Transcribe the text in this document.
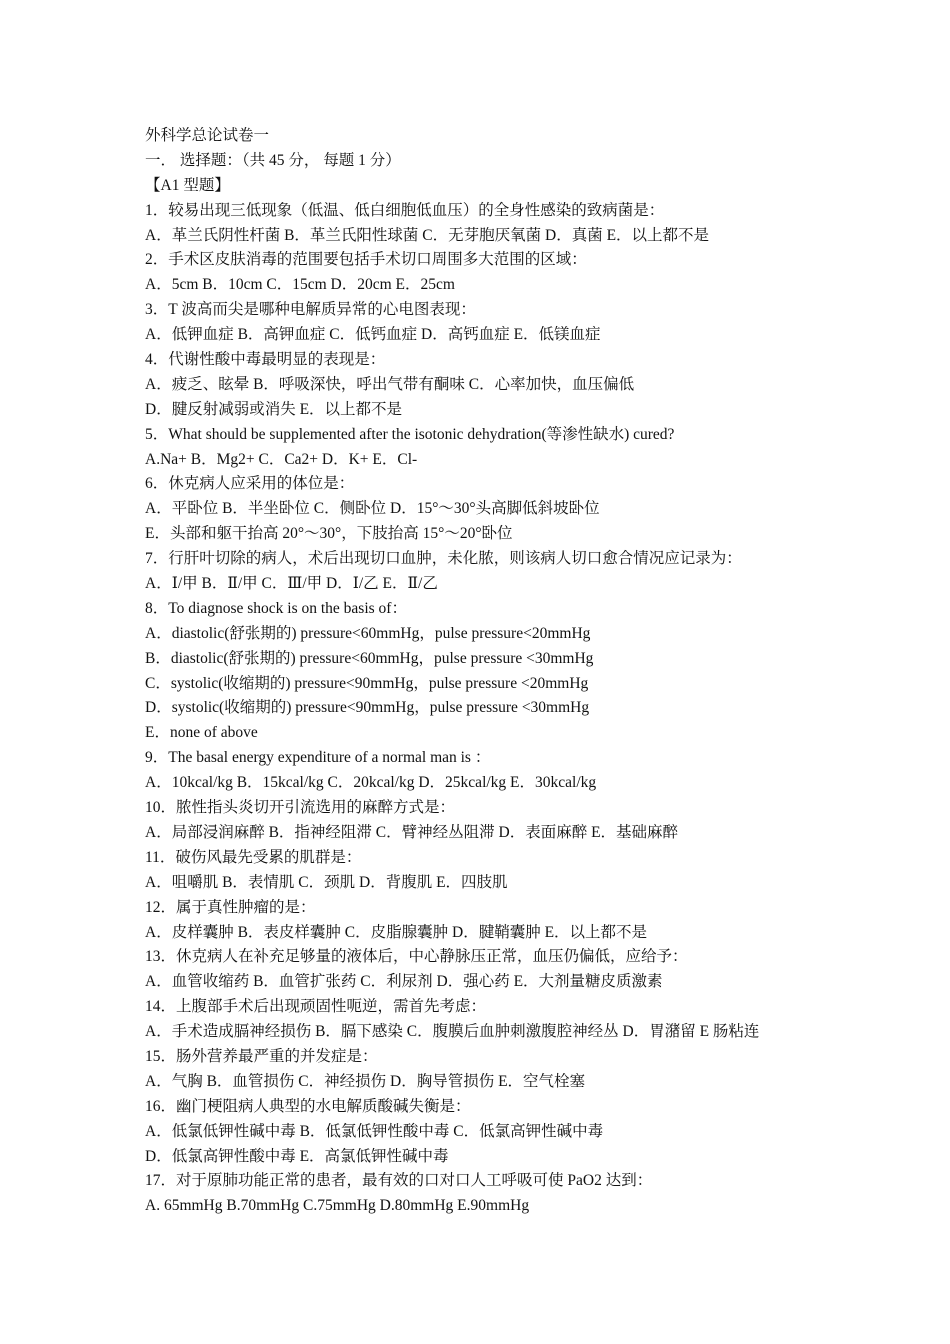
外科学总论试卷一
一． 选择题：（共 45 分， 每题 1 分）
【A1 型题】
1．较易出现三低现象（低温、低白细胞低血压）的全身性感染的致病菌是：
A．革兰氏阴性杆菌 B．革兰氏阳性球菌 C．无芽胞厌氧菌 D．真菌 E．以上都不是
2．手术区皮肤消毒的范围要包括手术切口周围多大范围的区域：
A．5cm B．10cm C．15cm D．20cm E．25cm
3．T 波高而尖是哪种电解质异常的心电图表现：
A．低钾血症 B．高钾血症 C．低钙血症 D．高钙血症 E．低镁血症
4．代谢性酸中毒最明显的表现是：
A．疲乏、眩晕 B．呼吸深快，呼出气带有酮味 C．心率加快，血压偏低
D．腱反射减弱或消失 E．以上都不是
5．What should be supplemented after the isotonic dehydration(等渗性缺水) cured?
A.Na+ B．Mg2+ C．Ca2+ D．K+ E．Cl-
6．休克病人应采用的体位是：
A．平卧位 B．半坐卧位 C．侧卧位 D．15°～30°头高脚低斜坡卧位
E．头部和躯干抬高 20°～30°，下肢抬高 15°～20°卧位
7．行肝叶切除的病人，术后出现切口血肿，未化脓，则该病人切口愈合情况应记录为：
A．Ⅰ/甲 B．Ⅱ/甲 C．Ⅲ/甲 D．Ⅰ/乙 E．Ⅱ/乙
8．To diagnose shock is on the basis of：
A．diastolic(舒张期的) pressure<60mmHg，pulse pressure<20mmHg
B．diastolic(舒张期的) pressure<60mmHg，pulse pressure <30mmHg
C．systolic(收缩期的) pressure<90mmHg，pulse pressure <20mmHg
D．systolic(收缩期的) pressure<90mmHg，pulse pressure <30mmHg
E．none of above
9．The basal energy expenditure of a normal man is ：
A．10kcal/kg B．15kcal/kg C．20kcal/kg D．25kcal/kg E．30kcal/kg
10．脓性指头炎切开引流选用的麻醉方式是：
A．局部浸润麻醉 B．指神经阻滞 C．臂神经丛阻滞 D．表面麻醉 E．基础麻醉
11．破伤风最先受累的肌群是：
A．咀嚼肌 B．表情肌 C．颈肌 D．背腹肌 E．四肢肌
12．属于真性肿瘤的是：
A．皮样囊肿 B．表皮样囊肿 C．皮脂腺囊肿 D．腱鞘囊肿 E．以上都不是
13．休克病人在补充足够量的液体后，中心静脉压正常，血压仍偏低，应给予：
A．血管收缩药 B．血管扩张药 C．利尿剂 D．强心药 E．大剂量糖皮质激素
14．上腹部手术后出现顽固性呃逆，需首先考虑：
A．手术造成膈神经损伤 B．膈下感染 C．腹膜后血肿刺激腹腔神经丛 D．胃潴留 E 肠粘连
15．肠外营养最严重的并发症是：
A．气胸 B．血管损伤 C．神经损伤 D．胸导管损伤 E．空气栓塞
16．幽门梗阻病人典型的水电解质酸碱失衡是：
A．低氯低钾性碱中毒 B．低氯低钾性酸中毒 C．低氯高钾性碱中毒
D．低氯高钾性酸中毒 E．高氯低钾性碱中毒
17．对于原肺功能正常的患者，最有效的口对口人工呼吸可使 PaO2 达到：
A. 65mmHg B.70mmHg C.75mmHg D.80mmHg E.90mmHg
